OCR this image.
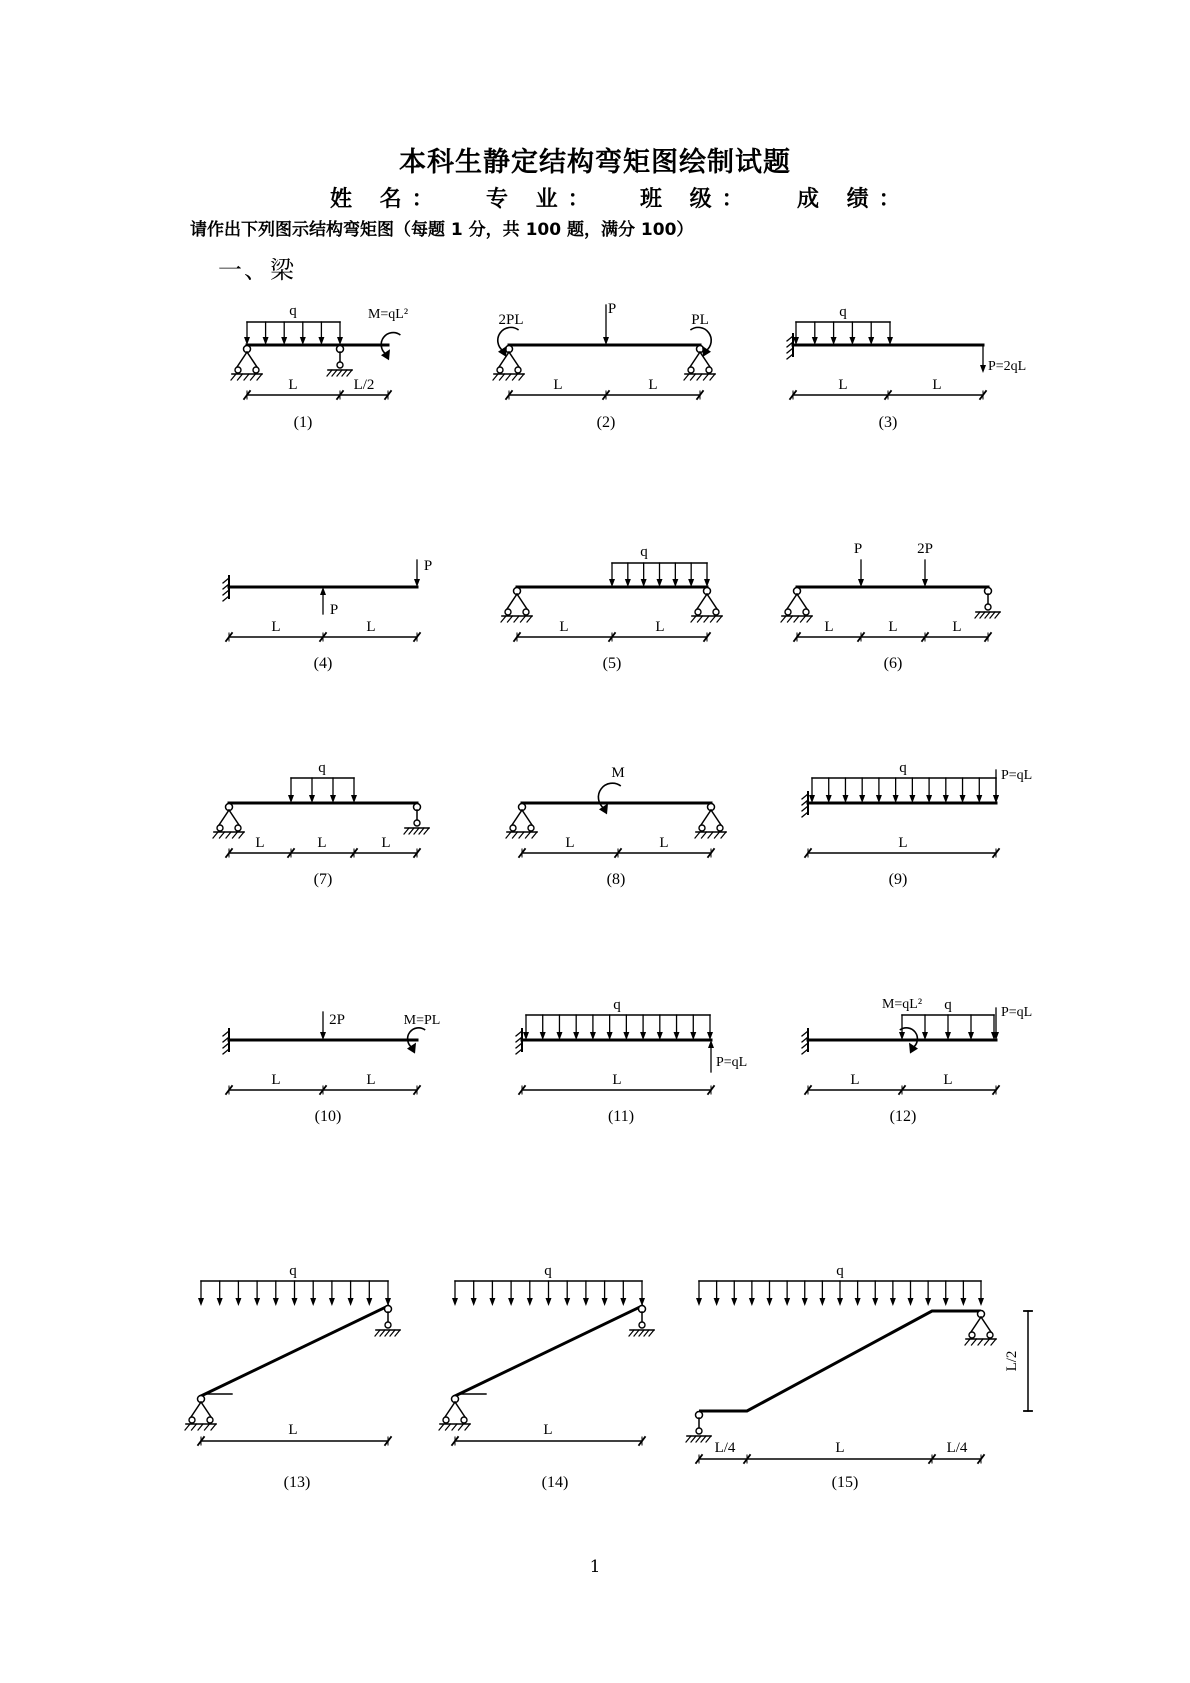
本科生静定结构弯矩图绘制试题
姓 名： 专 业： 班 级： 成 绩：
请作出下列图示结构弯矩图（每题 1 分，共 100 题，满分 100）
一、梁
1
q	M=qL²
L	L/2
(1)
P
2PL	PL
L	L
(2)
q
P=2qL
L	L
(3)
P
P
L	L
(4)
q
L	L
(5)
P	2P
L	L	L
(6)
q
L	L	L
(7)
M
L	L
(8)
q	P=qL
L
(9)
2P	M=PL
L	L
(10)
q
P=qL
L
(11)
q	P=qL
M=qL²
L	L
(12)
q
L
(13)
q
L
(14)
q
L/2
L/4	L	L/4
(15)
